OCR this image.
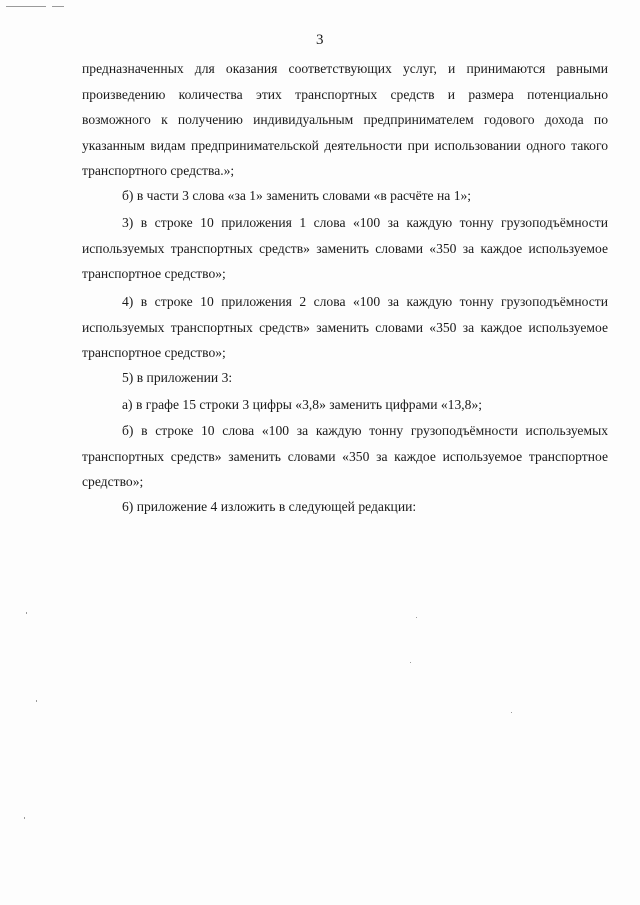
3

предназначенных для оказания соответствующих услуг, и принимаются равными произведению количества этих транспортных средств и размера потенциально возможного к получению индивидуальным предпринимателем годового дохода по указанным видам предпринимательской деятельности при использовании одного такого транспортного средства.»;

б) в части 3 слова «за 1» заменить словами «в расчёте на 1»;

3) в строке 10 приложения 1 слова «100 за каждую тонну грузоподъёмности используемых транспортных средств» заменить словами «350 за каждое используемое транспортное средство»;

4) в строке 10 приложения 2 слова «100 за каждую тонну грузоподъёмности используемых транспортных средств» заменить словами «350 за каждое используемое транспортное средство»;

5) в приложении 3:

а) в графе 15 строки 3 цифры «3,8» заменить цифрами «13,8»;

б) в строке 10 слова «100 за каждую тонну грузоподъёмности используемых транспортных средств» заменить словами «350 за каждое используемое транспортное средство»;

6) приложение 4 изложить в следующей редакции:
